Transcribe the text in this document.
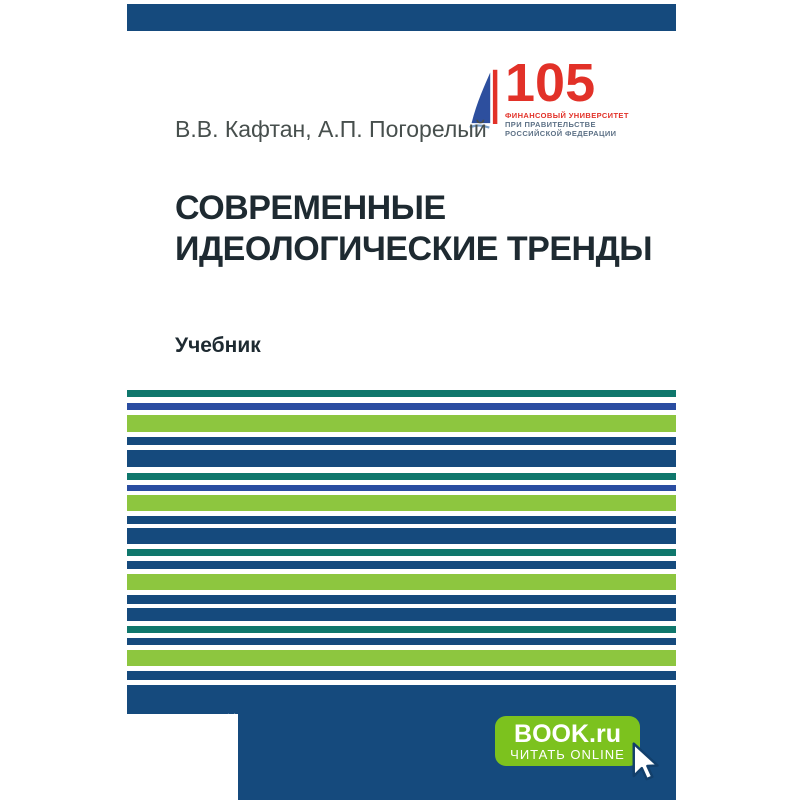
105
ФИНАНСОВЫЙ УНИВЕРСИТЕТ
ПРИ ПРАВИТЕЛЬСТВЕ
РОССИЙСКОЙ ФЕДЕРАЦИИ
В.В. Кафтан, А.П. Погорелый
СОВРЕМЕННЫЕ
ИДЕОЛОГИЧЕСКИЕ ТРЕНДЫ
Учебник
КНОРУС	BOOK.ru
ЧИТАТЬ ONLINE
